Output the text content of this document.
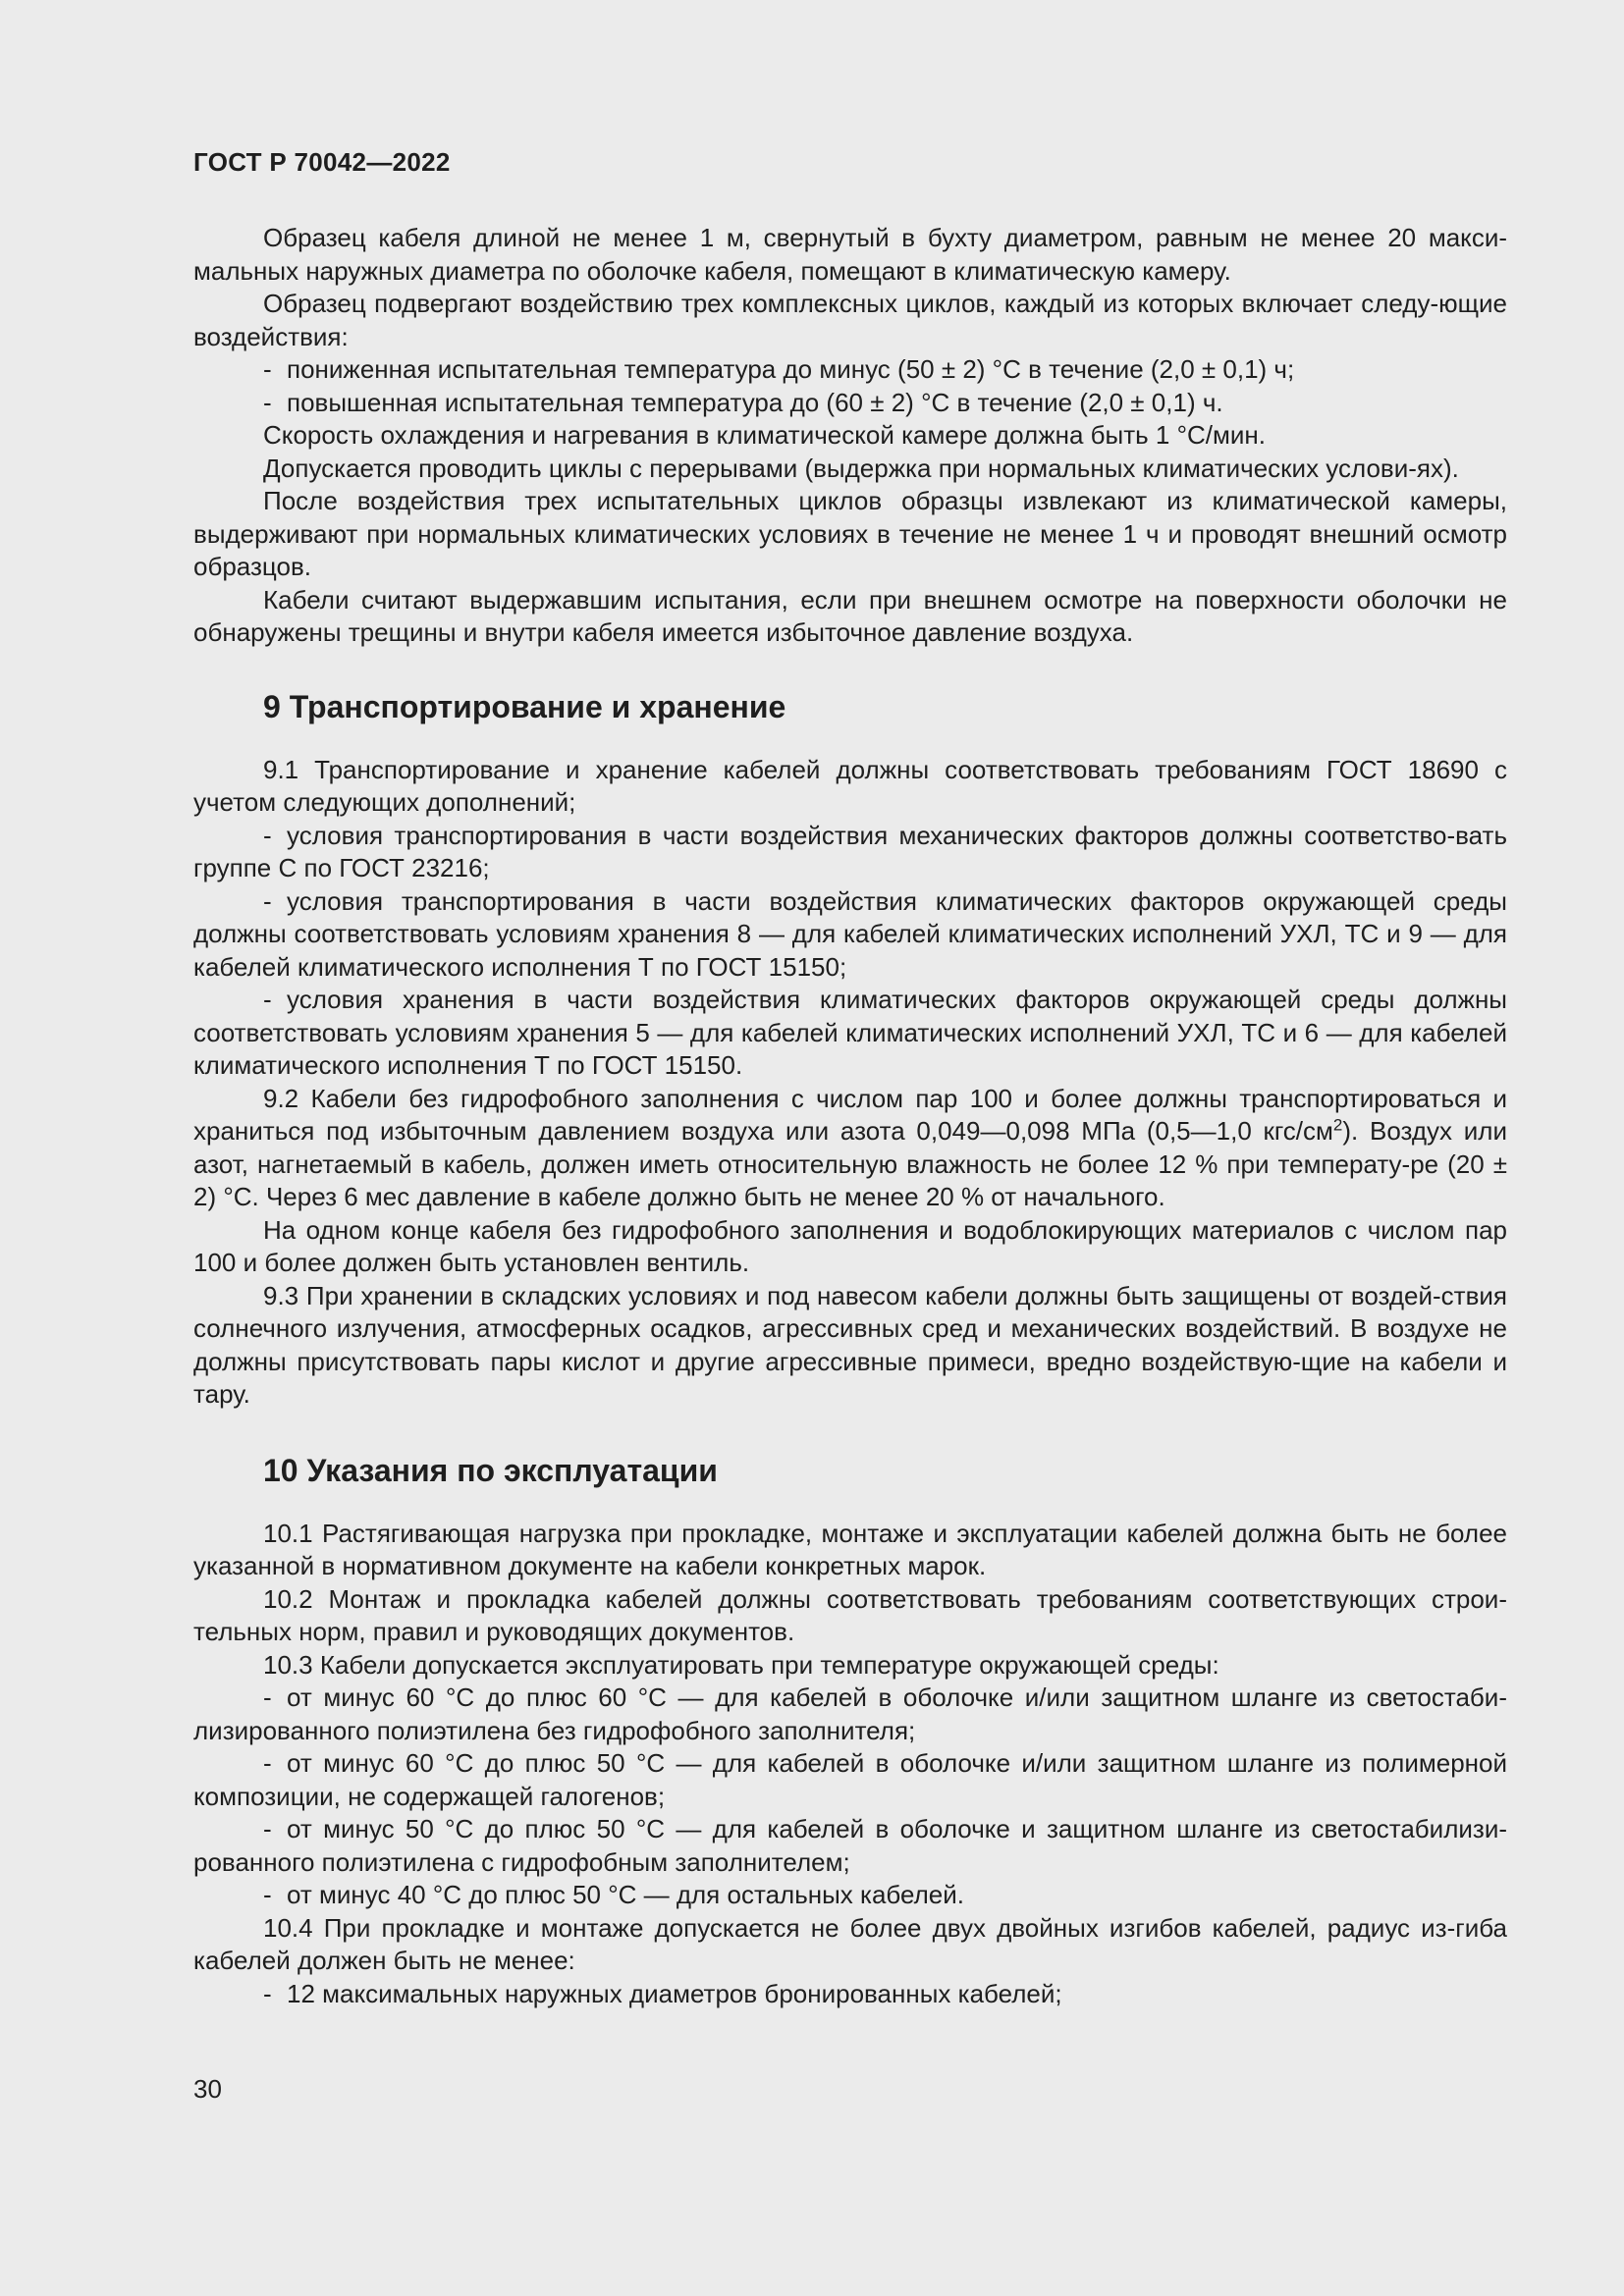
ГОСТ Р 70042—2022

Образец кабеля длиной не менее 1 м, свернутый в бухту диаметром, равным не менее 20 макси-мальных наружных диаметра по оболочке кабеля, помещают в климатическую камеру.

Образец подвергают воздействию трех комплексных циклов, каждый из которых включает следу-ющие воздействия:

- пониженная испытательная температура до минус (50 ± 2) °C в течение (2,0 ± 0,1) ч;

- повышенная испытательная температура до (60 ± 2) °C в течение (2,0 ± 0,1) ч.

Скорость охлаждения и нагревания в климатической камере должна быть 1 °C/мин.

Допускается проводить циклы с перерывами (выдержка при нормальных климатических услови-ях).

После воздействия трех испытательных циклов образцы извлекают из климатической камеры, выдерживают при нормальных климатических условиях в течение не менее 1 ч и проводят внешний осмотр образцов.

Кабели считают выдержавшим испытания, если при внешнем осмотре на поверхности оболочки не обнаружены трещины и внутри кабеля имеется избыточное давление воздуха.

9 Транспортирование и хранение

9.1 Транспортирование и хранение кабелей должны соответствовать требованиям ГОСТ 18690 с учетом следующих дополнений;

- условия транспортирования в части воздействия механических факторов должны соответство-вать группе С по ГОСТ 23216;

- условия транспортирования в части воздействия климатических факторов окружающей среды должны соответствовать условиям хранения 8 — для кабелей климатических исполнений УХЛ, ТС и 9 — для кабелей климатического исполнения Т по ГОСТ 15150;

- условия хранения в части воздействия климатических факторов окружающей среды должны соответствовать условиям хранения 5 — для кабелей климатических исполнений УХЛ, ТС и 6 — для кабелей климатического исполнения Т по ГОСТ 15150.

9.2 Кабели без гидрофобного заполнения с числом пар 100 и более должны транспортироваться и храниться под избыточным давлением воздуха или азота 0,049—0,098 МПа (0,5—1,0 кгс/$см^2$). Воздух или азот, нагнетаемый в кабель, должен иметь относительную влажность не более 12 % при температу-ре (20 ± 2) °C. Через 6 мес давление в кабеле должно быть не менее 20 % от начального.

На одном конце кабеля без гидрофобного заполнения и водоблокирующих материалов с числом пар 100 и более должен быть установлен вентиль.

9.3 При хранении в складских условиях и под навесом кабели должны быть защищены от воздей-ствия солнечного излучения, атмосферных осадков, агрессивных сред и механических воздействий. В воздухе не должны присутствовать пары кислот и другие агрессивные примеси, вредно воздействую-щие на кабели и тару.

10 Указания по эксплуатации

10.1 Растягивающая нагрузка при прокладке, монтаже и эксплуатации кабелей должна быть не более указанной в нормативном документе на кабели конкретных марок.

10.2 Монтаж и прокладка кабелей должны соответствовать требованиям соответствующих строи-тельных норм, правил и руководящих документов.

10.3 Кабели допускается эксплуатировать при температуре окружающей среды:

- от минус 60 °C до плюс 60 °C — для кабелей в оболочке и/или защитном шланге из светостаби-лизированного полиэтилена без гидрофобного заполнителя;

- от минус 60 °C до плюс 50 °C — для кабелей в оболочке и/или защитном шланге из полимерной композиции, не содержащей галогенов;

- от минус 50 °C до плюс 50 °C — для кабелей в оболочке и защитном шланге из светостабилизи-рованного полиэтилена с гидрофобным заполнителем;

- от минус 40 °C до плюс 50 °C — для остальных кабелей.

10.4 При прокладке и монтаже допускается не более двух двойных изгибов кабелей, радиус из-гиба кабелей должен быть не менее:

- 12 максимальных наружных диаметров бронированных кабелей;

30
